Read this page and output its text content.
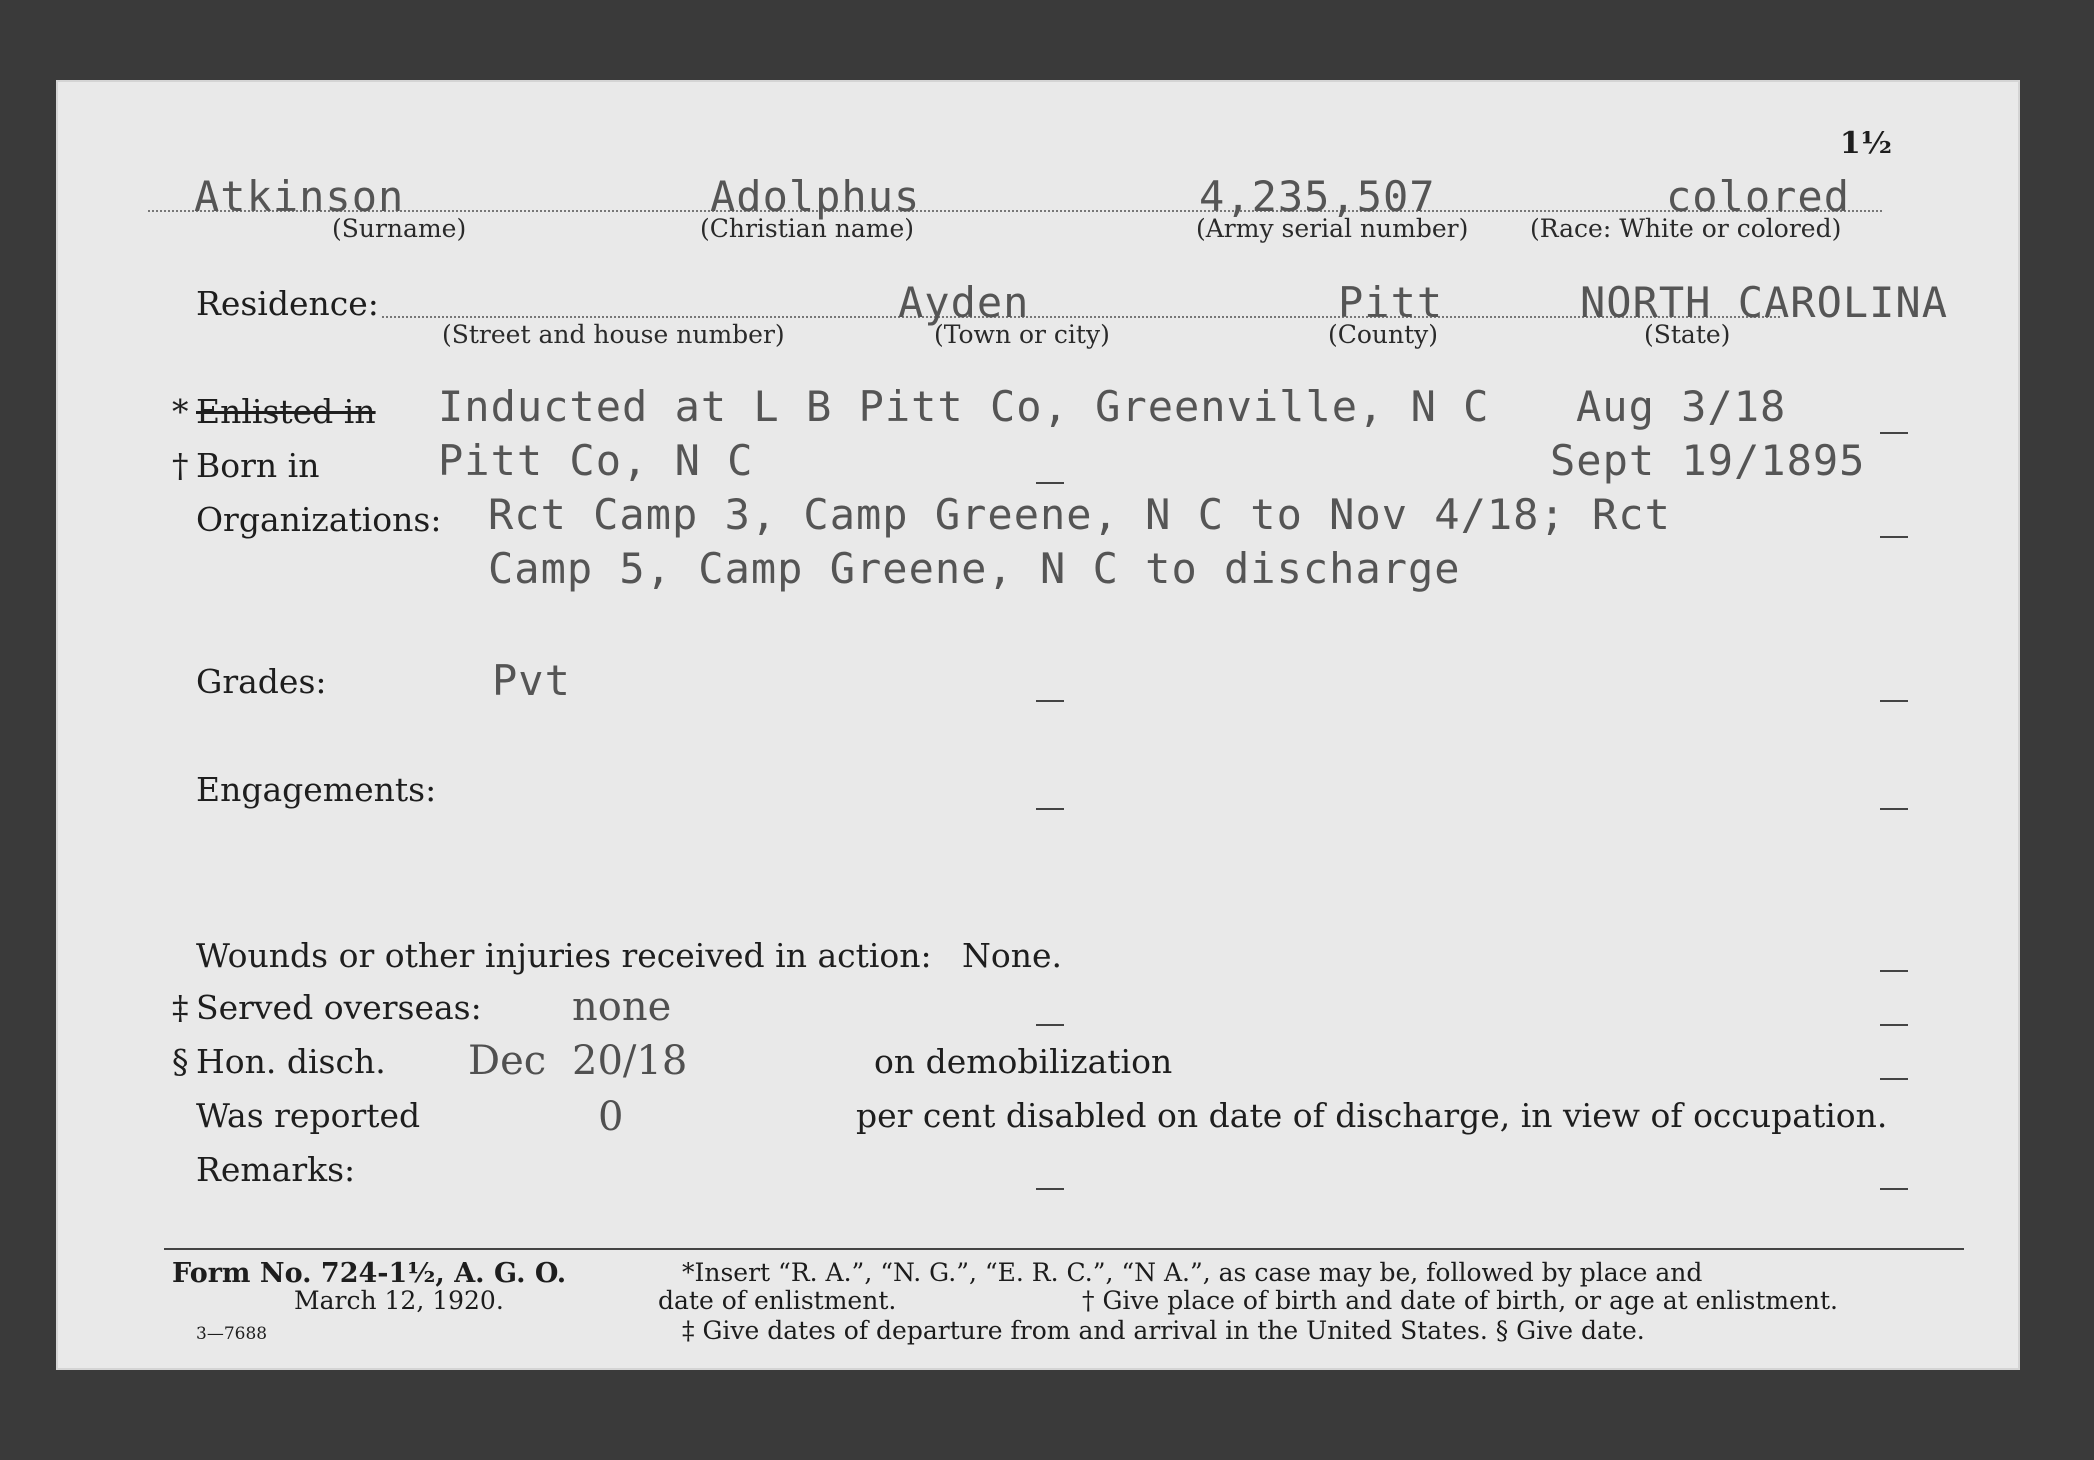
1½
Atkinson	Adolphus	4,235,507	colored
(Surname)	(Christian name)	(Army serial number) (Race: White or colored)
Residence:	Ayden	Pitt	NORTH CAROLINA
(Street and house number)	(Town or city)	(County)	(State)
* Enlisted in Inducted at L B Pitt Co, Greenville, N C Aug 3/18
† Born in	Pitt Co, N C	Sept 19/1895
Organizations: Rct Camp 3, Camp Greene, N C to Nov 4/18; Rct
Camp 5, Camp Greene, N C to discharge
Grades:	Pvt
Engagements:
Wounds or other injuries received in action: None.
‡ Served overseas: none
§ Hon. disch. Dec 20/18	on demobilization
Was reported	0	per cent disabled on date of discharge, in view of occupation.
Remarks:
Form No. 724-1½, A. G. O.
March 12, 1920.
3—7688
*Insert “R. A.”, “N. G.”, “E. R. C.”, “N A.”, as case may be, followed by place and
date of enlistment.	† Give place of birth and date of birth, or age at enlistment.
‡ Give dates of departure from and arrival in the United States. § Give date.
